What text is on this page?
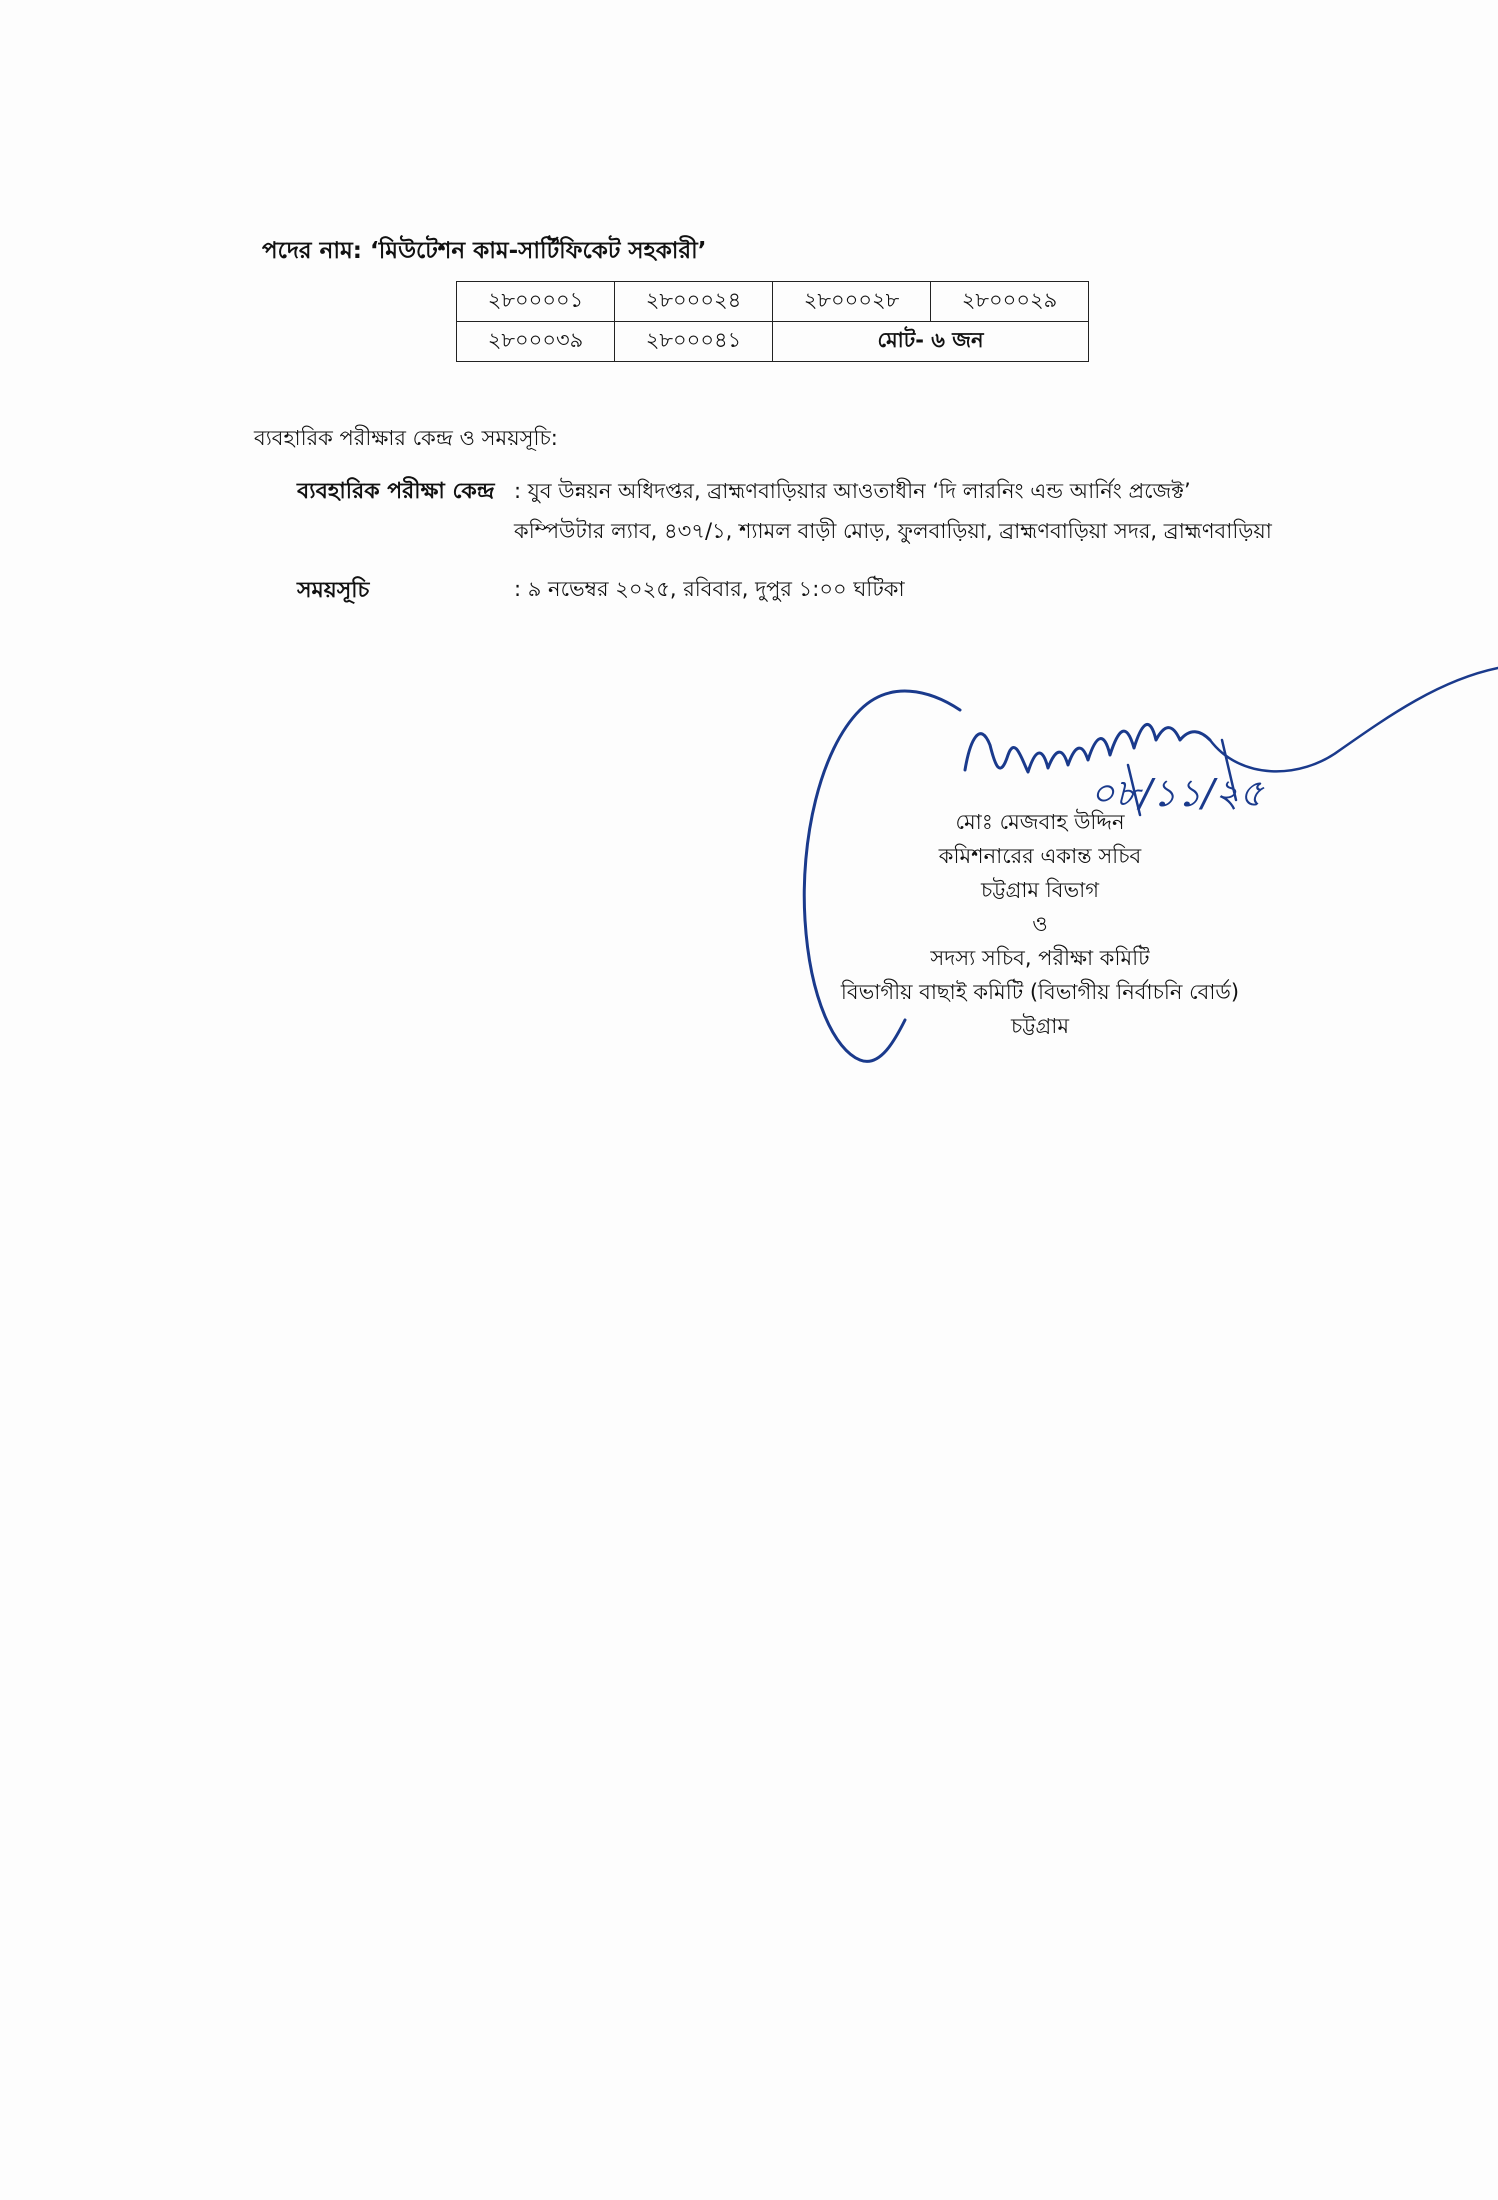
পদের নাম: ‘মিউটেশন কাম-সার্টিফিকেট সহকারী’
২৮০০০০১	২৮০০০২৪	২৮০০০২৮	২৮০০০২৯
২৮০০০৩৯	২৮০০০৪১	মোট- ৬ জন	
ব্যবহারিক পরীক্ষার কেন্দ্র ও সময়সূচি:
ব্যবহারিক পরীক্ষা কেন্দ্র : যুব উন্নয়ন অধিদপ্তর, ব্রাহ্মণবাড়িয়ার আওতাধীন ‘দি লারনিং এন্ড আর্নিং প্রজেক্ট’
কম্পিউটার ল্যাব, ৪৩৭/১, শ্যামল বাড়ী মোড়, ফুলবাড়িয়া, ব্রাহ্মণবাড়িয়া সদর, ব্রাহ্মণবাড়িয়া
সময়সূচি	: ৯ নভেম্বর ২০২৫, রবিবার, দুপুর ১:০০ ঘটিকা
০৮/১১/২৫
মোঃ মেজবাহ উদ্দিন
কমিশনারের একান্ত সচিব
চট্টগ্রাম বিভাগ
ও
সদস্য সচিব, পরীক্ষা কমিটি
বিভাগীয় বাছাই কমিটি (বিভাগীয় নির্বাচনি বোর্ড)
চট্টগ্রাম
